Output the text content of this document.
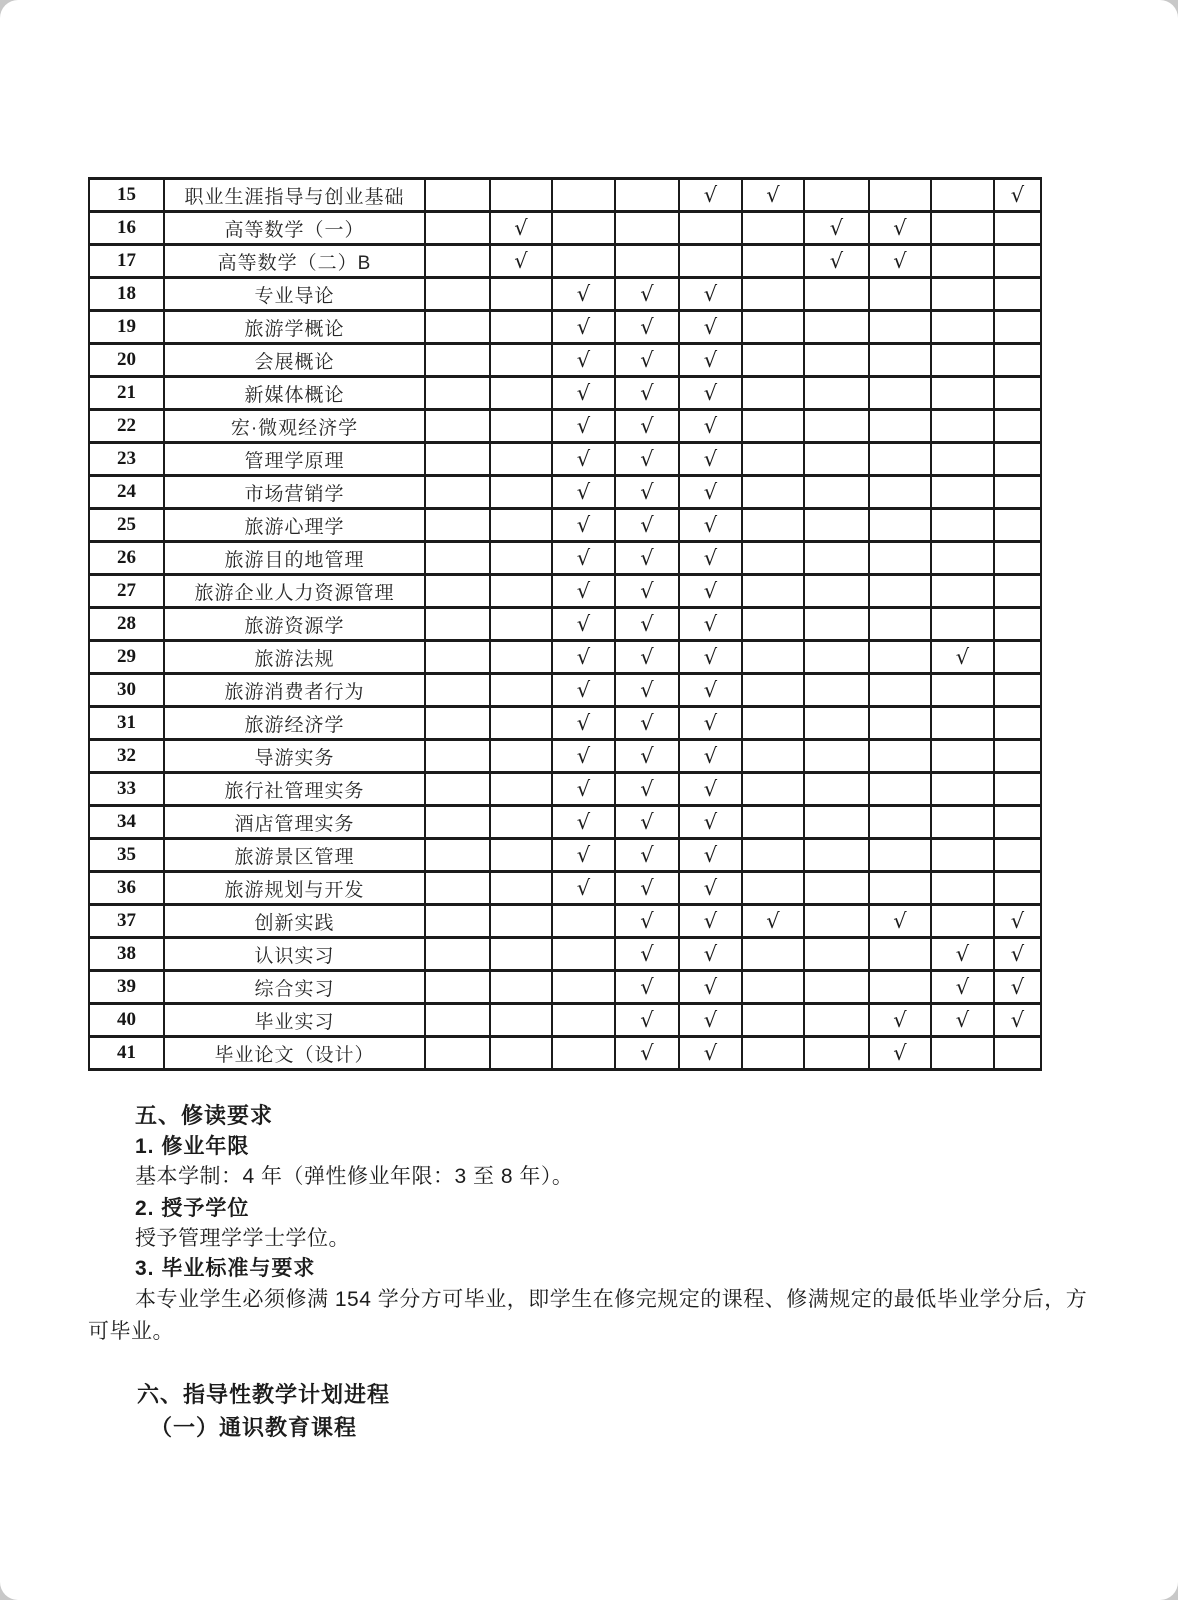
15	职业生涯指导与创业基础					√	√				√
16	高等数学（一）		√					√	√		
17	高等数学（二）B		√					√	√		
18	专业导论			√	√	√					
19	旅游学概论			√	√	√					
20	会展概论			√	√	√					
21	新媒体概论			√	√	√					
22	宏·微观经济学			√	√	√					
23	管理学原理			√	√	√					
24	市场营销学			√	√	√					
25	旅游心理学			√	√	√					
26	旅游目的地管理			√	√	√					
27	旅游企业人力资源管理			√	√	√					
28	旅游资源学			√	√	√					
29	旅游法规			√	√	√				√	
30	旅游消费者行为			√	√	√					
31	旅游经济学			√	√	√					
32	导游实务			√	√	√					
33	旅行社管理实务			√	√	√					
34	酒店管理实务			√	√	√					
35	旅游景区管理			√	√	√					
36	旅游规划与开发			√	√	√					
37	创新实践				√	√	√		√		√
38	认识实习				√	√				√	√
39	综合实习				√	√				√	√
40	毕业实习				√	√			√	√	√
41	毕业论文（设计）				√	√			√		

五、修读要求

1. 修业年限

基本学制：4 年（弹性修业年限：3 至 8 年）。

2. 授予学位

授予管理学学士学位。

3. 毕业标准与要求

本专业学生必须修满 154 学分方可毕业，即学生在修完规定的课程、修满规定的最低毕业学分后，方

可毕业。

六、指导性教学计划进程

（一）通识教育课程
